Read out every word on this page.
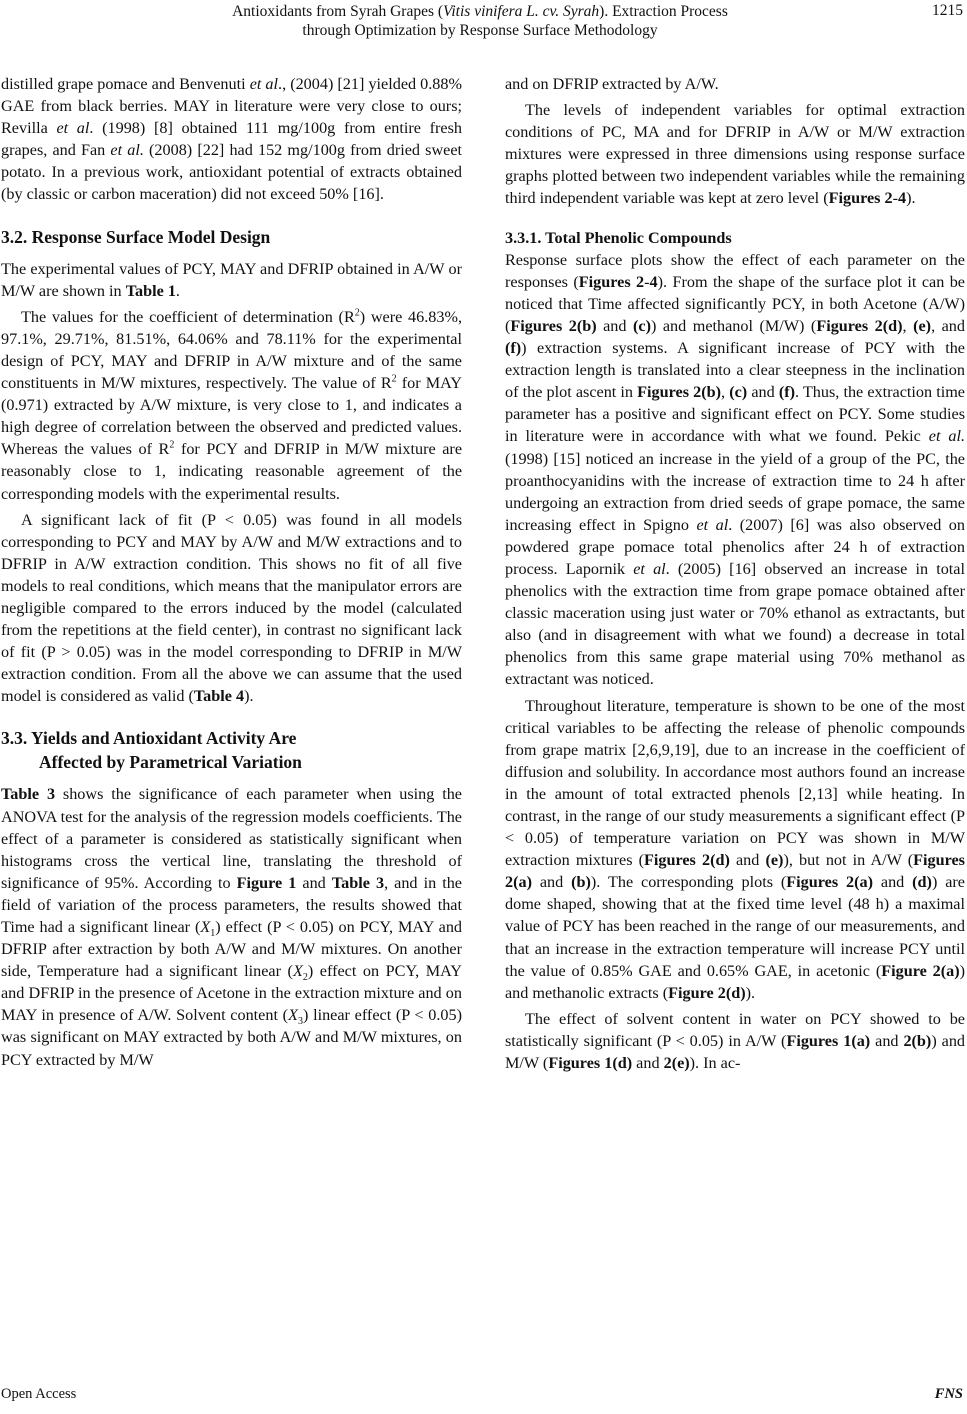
Antioxidants from Syrah Grapes (Vitis vinifera L. cv. Syrah). Extraction Process
through Optimization by Response Surface Methodology
1215

distilled grape pomace and Benvenuti et al., (2004) [21] yielded 0.88% GAE from black berries. MAY in literature were very close to ours; Revilla et al. (1998) [8] obtained 111 mg/100g from entire fresh grapes, and Fan et al. (2008) [22] had 152 mg/100g from dried sweet potato. In a previous work, antioxidant potential of extracts obtained (by classic or carbon maceration) did not exceed 50% [16].

3.2. Response Surface Model Design

The experimental values of PCY, MAY and DFRIP obtained in A/W or M/W are shown in Table 1.

The values for the coefficient of determination $(R^2)$ were 46.83%, 97.1%, 29.71%, 81.51%, 64.06% and 78.11% for the experimental design of PCY, MAY and DFRIP in A/W mixture and of the same constituents in M/W mixtures, respectively. The value of $R^2$ for MAY (0.971) extracted by A/W mixture, is very close to 1, and indicates a high degree of correlation between the observed and predicted values. Whereas the values of $R^2$ for PCY and DFRIP in M/W mixture are reasonably close to 1, indicating reasonable agreement of the corresponding models with the experimental results.

A significant lack of fit (P < 0.05) was found in all models corresponding to PCY and MAY by A/W and M/W extractions and to DFRIP in A/W extraction condition. This shows no fit of all five models to real conditions, which means that the manipulator errors are negligible compared to the errors induced by the model (calculated from the repetitions at the field center), in contrast no significant lack of fit (P > 0.05) was in the model corresponding to DFRIP in M/W extraction condition. From all the above we can assume that the used model is considered as valid (Table 4).

3.3. Yields and Antioxidant Activity Are
Affected by Parametrical Variation

Table 3 shows the significance of each parameter when using the ANOVA test for the analysis of the regression models coefficients. The effect of a parameter is considered as statistically significant when histograms cross the vertical line, translating the threshold of significance of 95%. According to Figure 1 and Table 3, and in the field of variation of the process parameters, the results showed that Time had a significant linear $(X_1)$ effect (P < 0.05) on PCY, MAY and DFRIP after extraction by both A/W and M/W mixtures. On another side, Temperature had a significant linear $(X_2)$ effect on PCY, MAY and DFRIP in the presence of Acetone in the extraction mixture and on MAY in presence of A/W. Solvent content $(X_3)$ linear effect (P < 0.05) was significant on MAY extracted by both A/W and M/W mixtures, on PCY extracted by M/W

and on DFRIP extracted by A/W.

The levels of independent variables for optimal extraction conditions of PC, MA and for DFRIP in A/W or M/W extraction mixtures were expressed in three dimensions using response surface graphs plotted between two independent variables while the remaining third independent variable was kept at zero level (Figures 2-4).

3.3.1. Total Phenolic Compounds

Response surface plots show the effect of each parameter on the responses (Figures 2-4). From the shape of the surface plot it can be noticed that Time affected significantly PCY, in both Acetone (A/W) (Figures 2(b) and (c)) and methanol (M/W) (Figures 2(d), (e), and (f)) extraction systems. A significant increase of PCY with the extraction length is translated into a clear steepness in the inclination of the plot ascent in Figures 2(b), (c) and (f). Thus, the extraction time parameter has a positive and significant effect on PCY. Some studies in literature were in accordance with what we found. Pekic et al. (1998) [15] noticed an increase in the yield of a group of the PC, the proanthocyanidins with the increase of extraction time to 24 h after undergoing an extraction from dried seeds of grape pomace, the same increasing effect in Spigno et al. (2007) [6] was also observed on powdered grape pomace total phenolics after 24 h of extraction process. Lapornik et al. (2005) [16] observed an increase in total phenolics with the extraction time from grape pomace obtained after classic maceration using just water or 70% ethanol as extractants, but also (and in disagreement with what we found) a decrease in total phenolics from this same grape material using 70% methanol as extractant was noticed.

Throughout literature, temperature is shown to be one of the most critical variables to be affecting the release of phenolic compounds from grape matrix [2,6,9,19], due to an increase in the coefficient of diffusion and solubility. In accordance most authors found an increase in the amount of total extracted phenols [2,13] while heating. In contrast, in the range of our study measurements a significant effect (P < 0.05) of temperature variation on PCY was shown in M/W extraction mixtures (Figures 2(d) and (e)), but not in A/W (Figures 2(a) and (b)). The corresponding plots (Figures 2(a) and (d)) are dome shaped, showing that at the fixed time level (48 h) a maximal value of PCY has been reached in the range of our measurements, and that an increase in the extraction temperature will increase PCY until the value of 0.85% GAE and 0.65% GAE, in acetonic (Figure 2(a)) and methanolic extracts (Figure 2(d)).

The effect of solvent content in water on PCY showed to be statistically significant (P < 0.05) in A/W (Figures 1(a) and 2(b)) and M/W (Figures 1(d) and 2(e)). In ac-

Open Access	FNS
